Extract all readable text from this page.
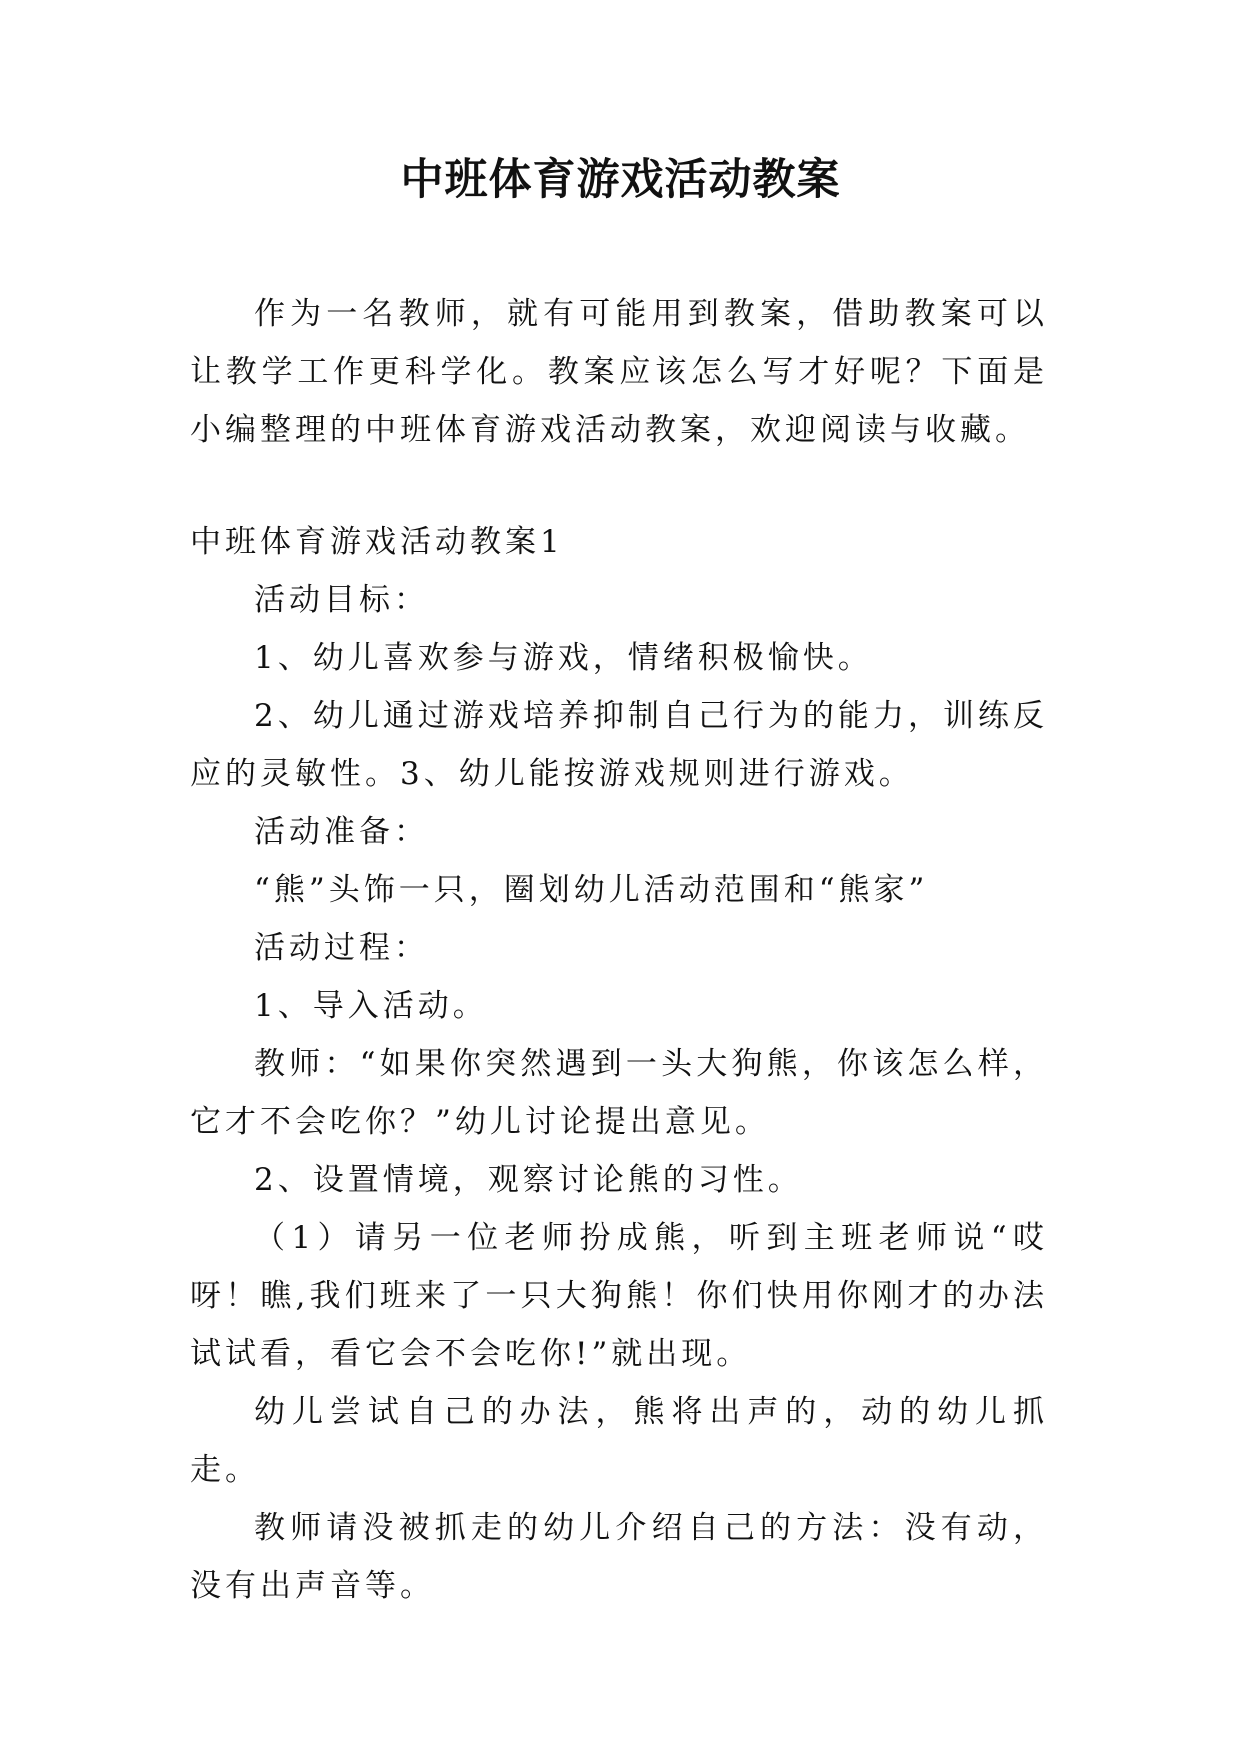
中班体育游戏活动教案

作为一名教师，就有可能用到教案，借助教案可以让教学工作更科学化。教案应该怎么写才好呢？下面是小编整理的中班体育游戏活动教案，欢迎阅读与收藏。

中班体育游戏活动教案1

活动目标：

1、幼儿喜欢参与游戏，情绪积极愉快。

2、幼儿通过游戏培养抑制自己行为的能力，训练反应的灵敏性。3、幼儿能按游戏规则进行游戏。

活动准备：

“熊”头饰一只，圈划幼儿活动范围和“熊家”

活动过程：

1、导入活动。

教师：“如果你突然遇到一头大狗熊，你该怎么样，它才不会吃你？”幼儿讨论提出意见。

2、设置情境，观察讨论熊的习性。

（1）请另一位老师扮成熊，听到主班老师说“哎呀！瞧,我们班来了一只大狗熊！你们快用你刚才的办法试试看，看它会不会吃你!”就出现。

幼儿尝试自己的办法，熊将出声的，动的幼儿抓走。

教师请没被抓走的幼儿介绍自己的方法：没有动，没有出声音等。
